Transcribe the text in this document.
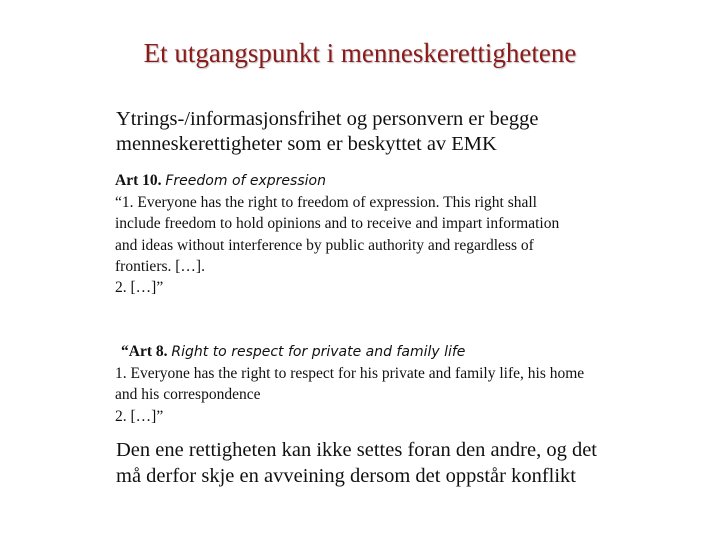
Et utgangspunkt i menneskerettighetene
Ytrings-/informasjonsfrihet og personvern er begge
menneskerettigheter som er beskyttet av EMK
Art 10. Freedom of expression
“1. Everyone has the right to freedom of expression. This right shall
include freedom to hold opinions and to receive and impart information
and ideas without interference by public authority and regardless of
frontiers. […].
2. […]”
“Art 8. Right to respect for private and family life
1. Everyone has the right to respect for his private and family life, his home
and his correspondence
2. […]”
Den ene rettigheten kan ikke settes foran den andre, og det
må derfor skje en avveining dersom det oppstår konflikt
